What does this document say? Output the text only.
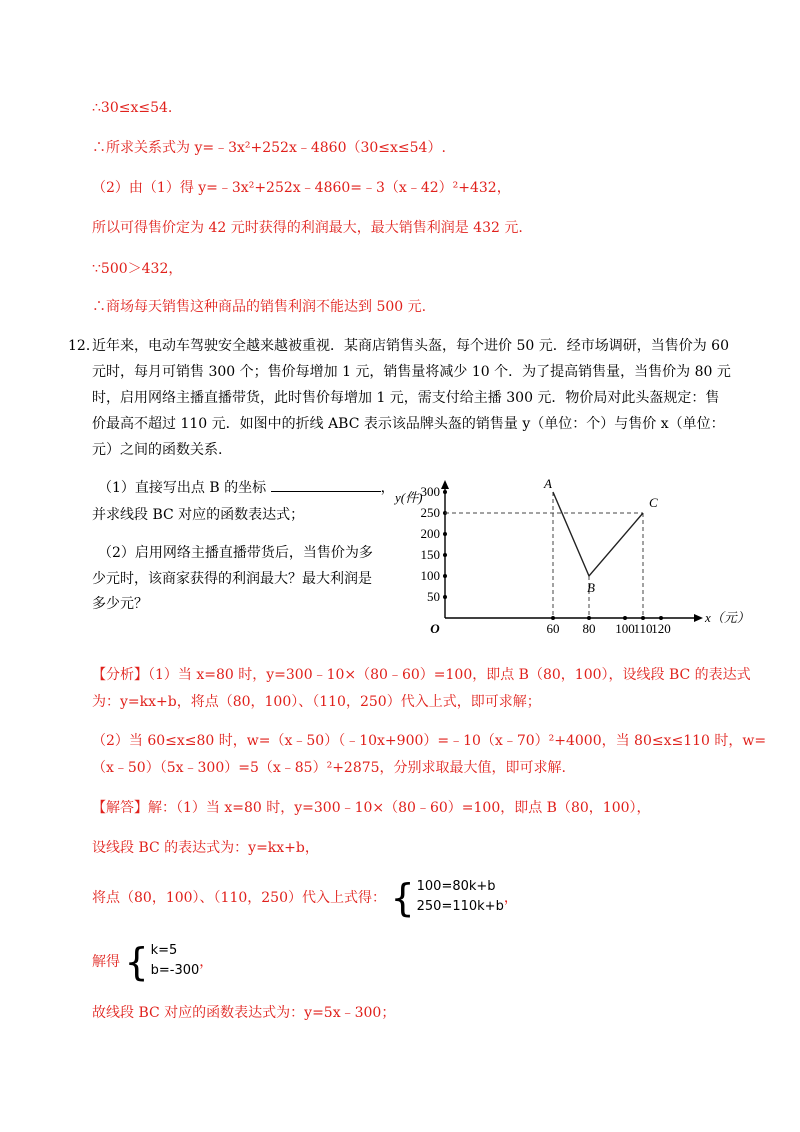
∴30≤x≤54.
∴所求关系式为 y=﹣3x²+252x﹣4860（30≤x≤54）.
（2）由（1）得 y=﹣3x²+252x﹣4860=﹣3（x﹣42）²+432，
所以可得售价定为 42 元时获得的利润最大，最大销售利润是 432 元.
∵500＞432，
∴商场每天销售这种商品的销售利润不能达到 500 元.
12．
近年来，电动车驾驶安全越来越被重视．某商店销售头盔，每个进价 50 元．经市场调研，当售价为 60 元时，每月可销售 300 个；售价每增加 1 元，销售量将减少 10 个．为了提高销售量，当售价为 80 元时，启用网络主播直播带货，此时售价每增加 1 元，需支付给主播 300 元．物价局对此头盔规定：售价最高不超过 110 元．如图中的折线 ABC 表示该品牌头盔的销售量 y（单位：个）与售价 x（单位：元）之间的函数关系.
（1）直接写出点 B 的坐标	，
并求线段 BC 对应的函数表达式；
（2）启用网络主播直播带货后，当售价为多
少元时，该商家获得的利润最大？最大利润是
多少元？	50
100
150
200
250
300
60 80 100
110
120
O
y(件)
x（元）
A
B
C
【分析】（1）当 x=80 时，y=300﹣10×（80﹣60）=100，即点 B（80，100），设线段 BC 的表达式
为：y=kx+b，将点（80，100）、（110，250）代入上式，即可求解；
（2）当 60≤x≤80 时，w=（x﹣50）（﹣10x+900）=﹣10（x﹣70）²+4000，当 80≤x≤110 时，w=
（x﹣50）（5x﹣300）=5（x﹣85）²+2875，分别求取最大值，即可求解.
【解答】解：（1）当 x=80 时，y=300﹣10×（80﹣60）=100，即点 B（80，100），
设线段 BC 的表达式为：y=kx+b，
将点（80，100）、（110，250）代入上式得： { 100=80k+b
250=110k+b
，
解得 { k=5
b=-300
，
故线段 BC 对应的函数表达式为：y=5x﹣300；
